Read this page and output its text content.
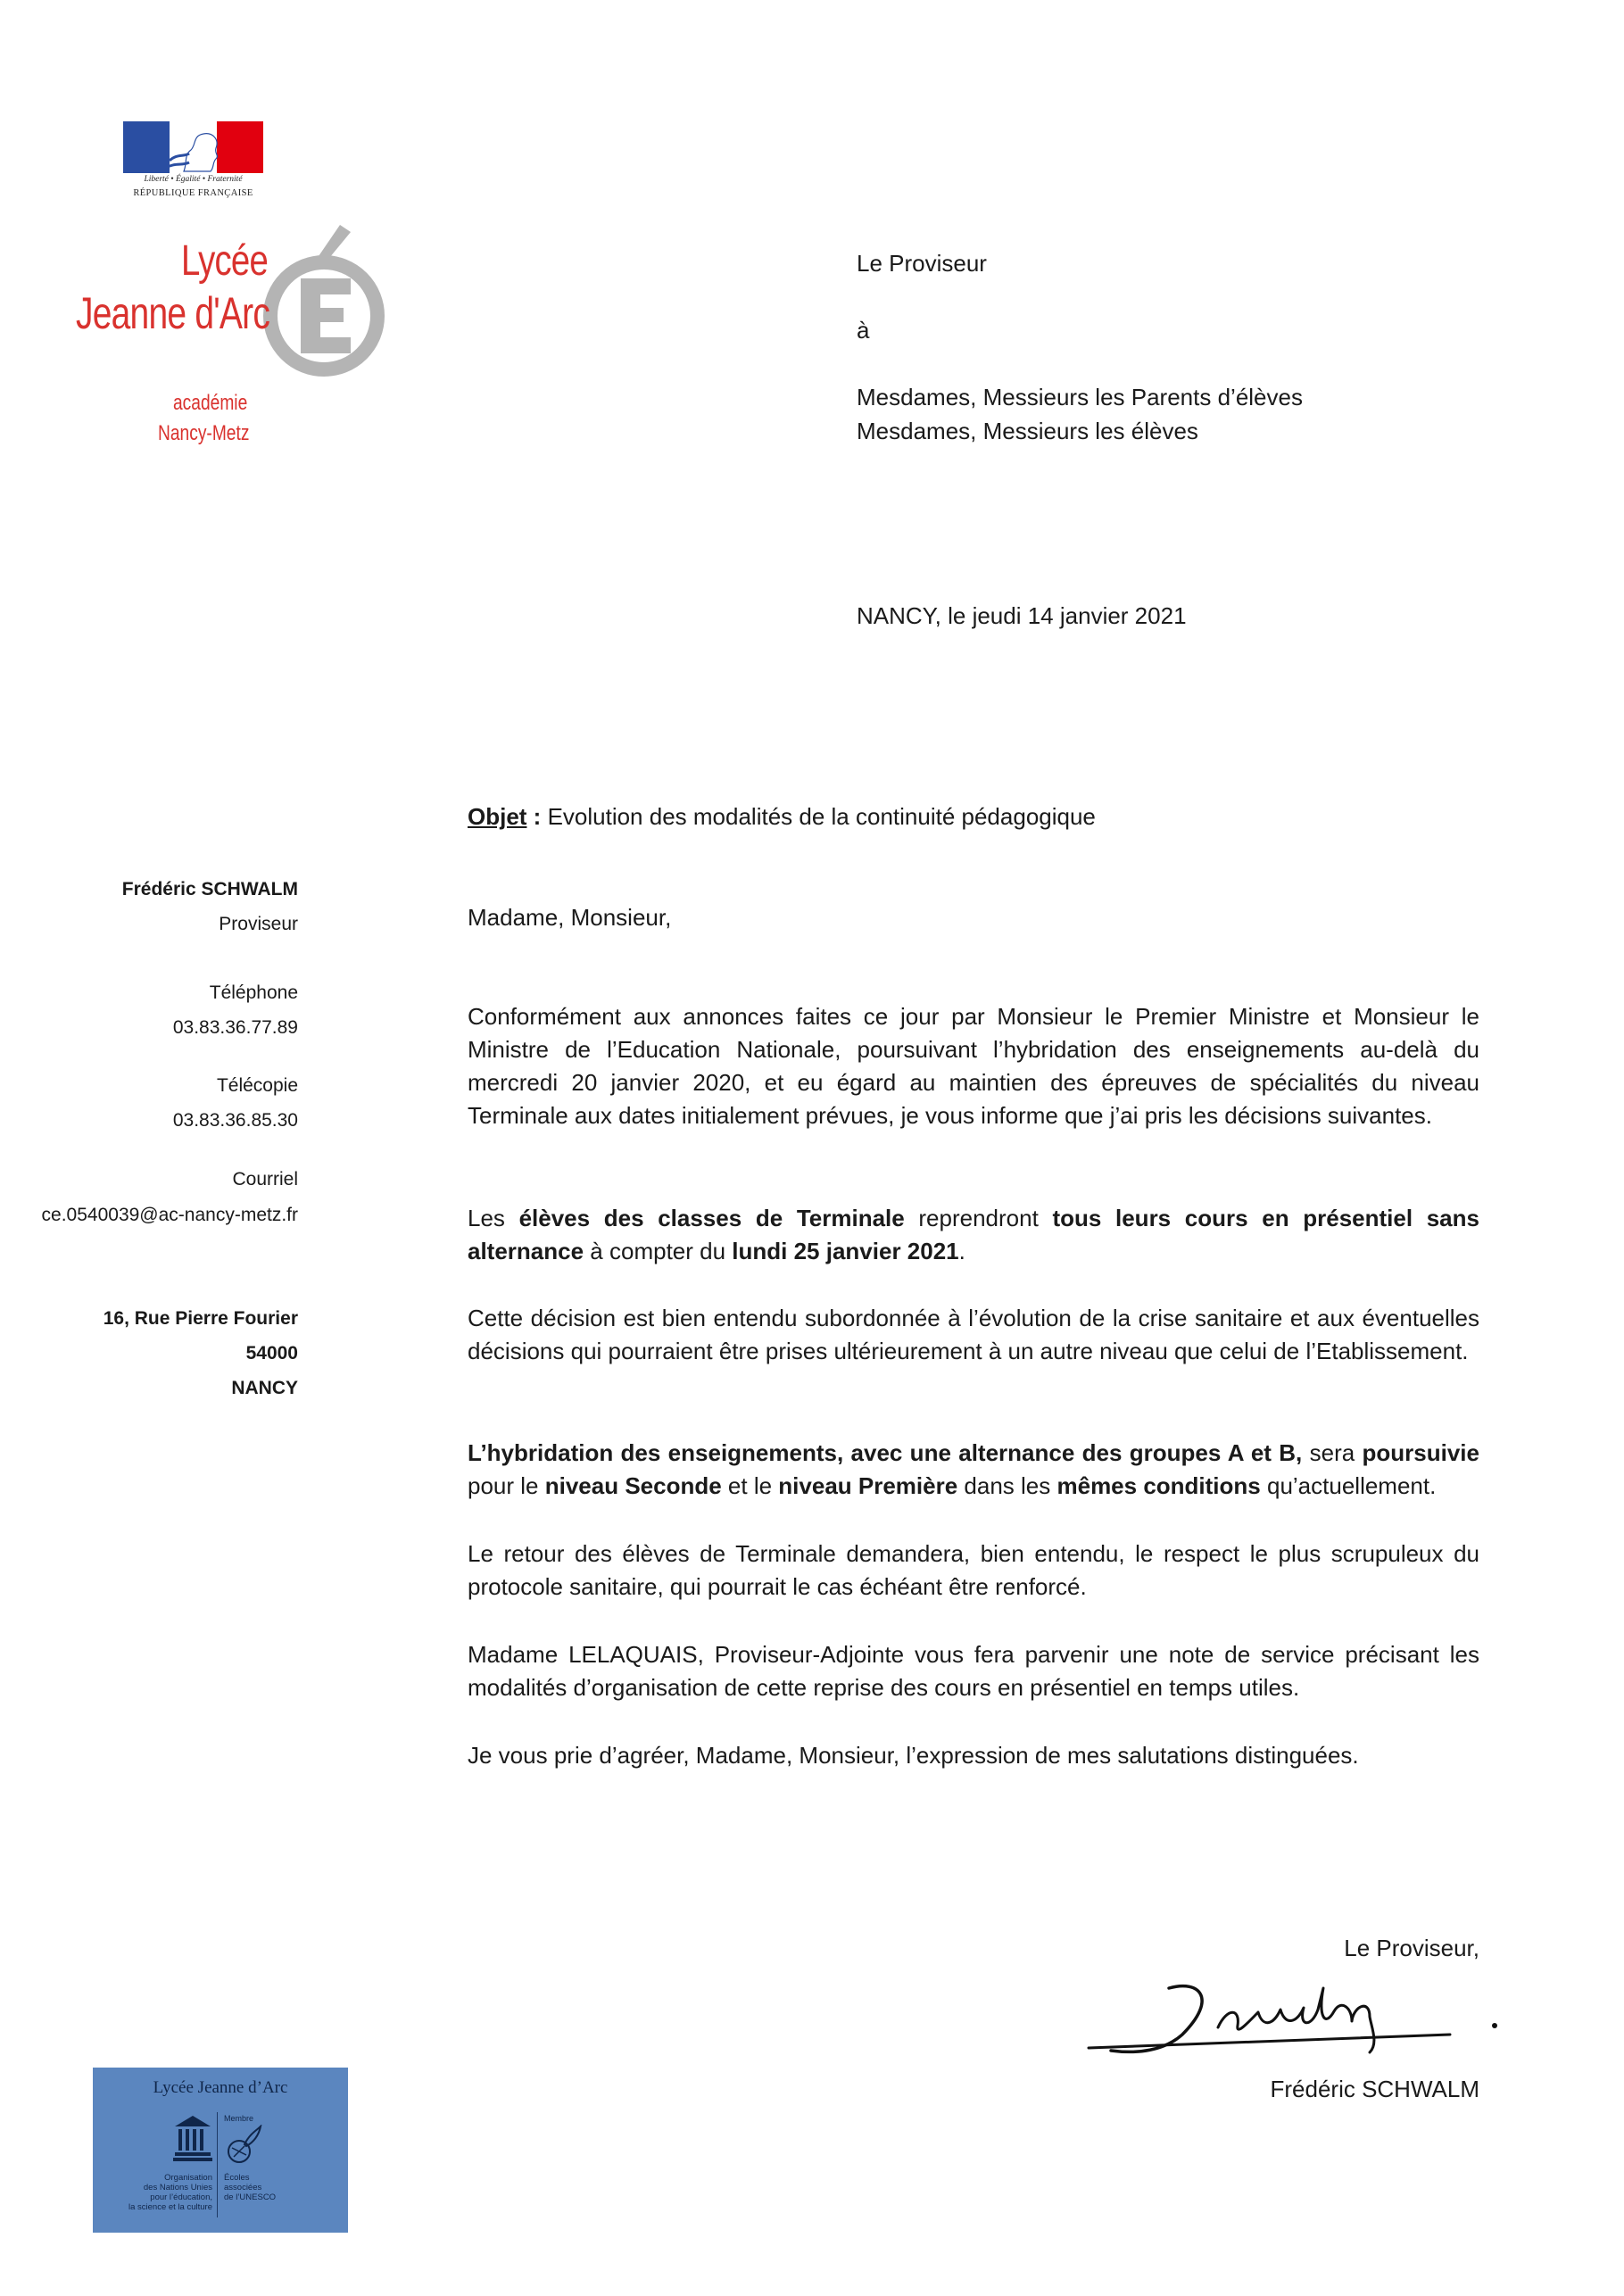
Liberté • Égalité • Fraternité
RÉPUBLIQUE FRANÇAISE
Lycée
Jeanne d'Arc
académie
Nancy-Metz
Le Proviseur
à
Mesdames, Messieurs les Parents d’élèves
Mesdames, Messieurs les élèves
NANCY, le jeudi 14 janvier 2021
Objet : Evolution des modalités de la continuité pédagogique
Frédéric SCHWALM
Proviseur
Téléphone
03.83.36.77.89
Télécopie
03.83.36.85.30
Courriel
ce.0540039@ac-nancy-metz.fr
16, Rue Pierre Fourier
54000
NANCY
Madame, Monsieur,
Conformément aux annonces faites ce jour par Monsieur le Premier Ministre et Monsieur le Ministre de l’Education Nationale, poursuivant l’hybridation des enseignements au-delà du mercredi 20 janvier 2020, et eu égard au maintien des épreuves de spécialités du niveau Terminale aux dates initialement prévues, je vous informe que j’ai pris les décisions suivantes.
Les élèves des classes de Terminale reprendront tous leurs cours en présentiel sans alternance à compter du lundi 25 janvier 2021.
Cette décision est bien entendu subordonnée à l’évolution de la crise sanitaire et aux éventuelles décisions qui pourraient être prises ultérieurement à un autre niveau que celui de l’Etablissement.
L’hybridation des enseignements, avec une alternance des groupes A et B, sera poursuivie pour le niveau Seconde et le niveau Première dans les mêmes conditions qu’actuellement.
Le retour des élèves de Terminale demandera, bien entendu, le respect le plus scrupuleux du protocole sanitaire, qui pourrait le cas échéant être renforcé.
Madame LELAQUAIS, Proviseur-Adjointe vous fera parvenir une note de service précisant les modalités d’organisation de cette reprise des cours en présentiel en temps utiles.
Je vous prie d’agréer, Madame, Monsieur, l’expression de mes salutations distinguées.
Le Proviseur,
Frédéric SCHWALM
Lycée Jeanne d’Arc
Membre
Organisation
des Nations Unies
pour l’éducation,
la science et la culture
Écoles
associées
de l’UNESCO
